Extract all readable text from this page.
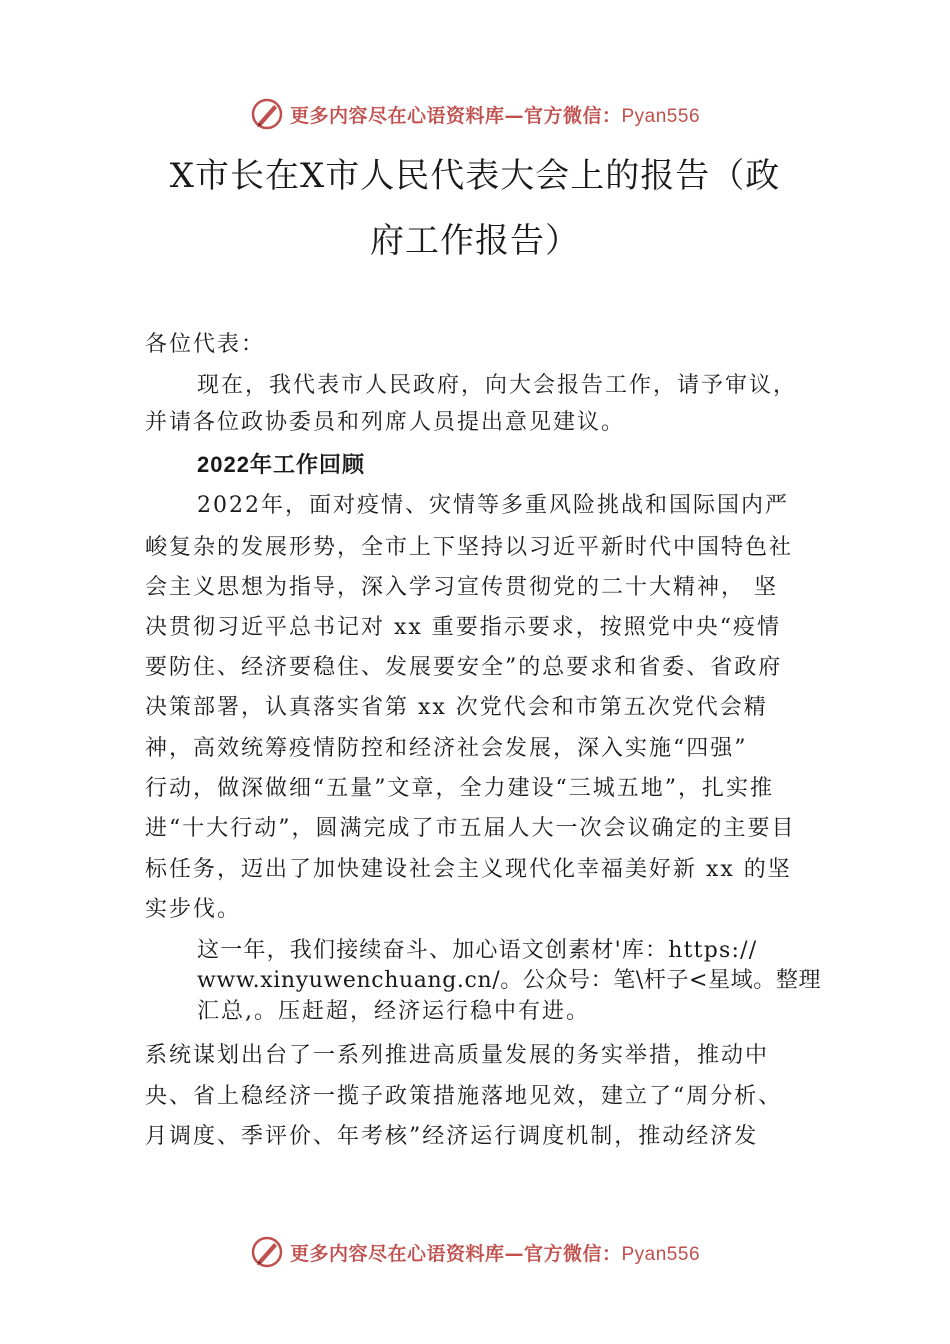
更多内容尽在心语资料库—官方微信：Pyan556
X市长在X市人民代表大会上的报告（政
府工作报告）

各位代表：

现在，我代表市人民政府，向大会报告工作，请予审议，

并请各位政协委员和列席人员提出意见建议。

2022年工作回顾

2022年，面对疫情、灾情等多重风险挑战和国际国内严

峻复杂的发展形势，全市上下坚持以习近平新时代中国特色社

会主义思想为指导，深入学习宣传贯彻党的二十大精神， 坚

决贯彻习近平总书记对 xx 重要指示要求，按照党中央“疫情

要防住、经济要稳住、发展要安全”的总要求和省委、省政府

决策部署，认真落实省第 xx 次党代会和市第五次党代会精

神，高效统筹疫情防控和经济社会发展，深入实施“四强”

行动，做深做细“五量”文章，全力建设“三城五地”，扎实推

进“十大行动”，圆满完成了市五届人大一次会议确定的主要目

标任务，迈出了加快建设社会主义现代化幸福美好新 xx 的坚

实步伐。

这一年，我们接续奋斗、加心语文创素材'库：https://

www.xinyuwenchuang.cn/。公众号：笔\杆子<星域。整理

汇总,。压赶超，经济运行稳中有进。

系统谋划出台了一系列推进高质量发展的务实举措，推动中

央、省上稳经济一揽子政策措施落地见效，建立了“周分析、

月调度、季评价、年考核”经济运行调度机制，推动经济发

更多内容尽在心语资料库—官方微信：Pyan556
